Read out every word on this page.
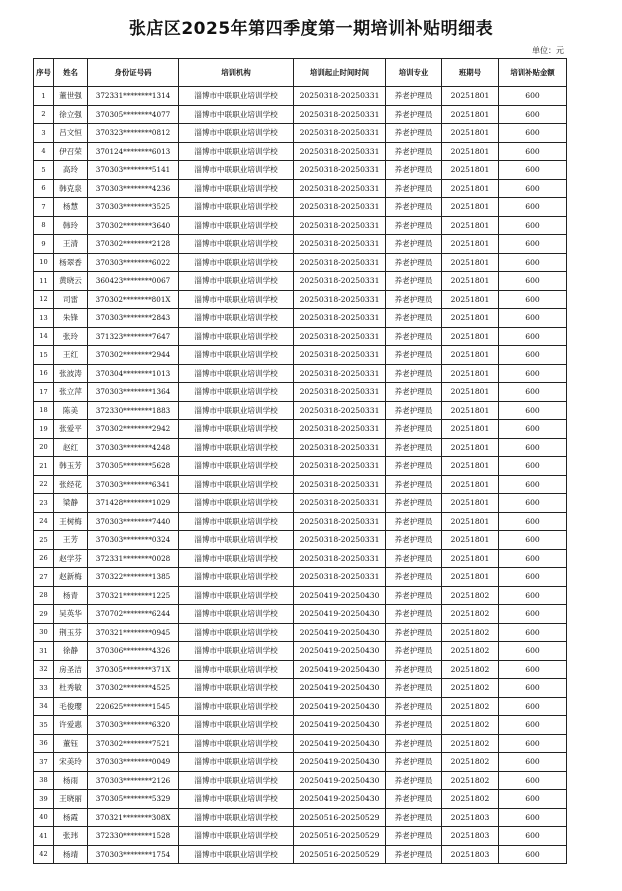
张店区2025年第四季度第一期培训补贴明细表
单位：元
序号	姓名	身份证号码	培训机构	培训起止时间时间	培训专业	班期号	培训补贴金额
1	董世强	372331********1314	淄博市中联职业培训学校	20250318-20250331	养老护理员	20251801	600
2	徐立强	370305********4077	淄博市中联职业培训学校	20250318-20250331	养老护理员	20251801	600
3	吕文恒	370323********0812	淄博市中联职业培训学校	20250318-20250331	养老护理员	20251801	600
4	伊召荣	370124********6013	淄博市中联职业培训学校	20250318-20250331	养老护理员	20251801	600
5	高玲	370303********5141	淄博市中联职业培训学校	20250318-20250331	养老护理员	20251801	600
6	韩克泉	370303********4236	淄博市中联职业培训学校	20250318-20250331	养老护理员	20251801	600
7	杨慧	370303********3525	淄博市中联职业培训学校	20250318-20250331	养老护理员	20251801	600
8	韩玲	370302********3640	淄博市中联职业培训学校	20250318-20250331	养老护理员	20251801	600
9	王清	370302********2128	淄博市中联职业培训学校	20250318-20250331	养老护理员	20251801	600
10	杨翠香	370303********6022	淄博市中联职业培训学校	20250318-20250331	养老护理员	20251801	600
11	黄晓云	360423********0067	淄博市中联职业培训学校	20250318-20250331	养老护理员	20251801	600
12	司雷	370302********801X	淄博市中联职业培训学校	20250318-20250331	养老护理员	20251801	600
13	朱锋	370303********2843	淄博市中联职业培训学校	20250318-20250331	养老护理员	20251801	600
14	张玲	371323********7647	淄博市中联职业培训学校	20250318-20250331	养老护理员	20251801	600
15	王红	370302********2944	淄博市中联职业培训学校	20250318-20250331	养老护理员	20251801	600
16	张波涛	370304********1013	淄博市中联职业培训学校	20250318-20250331	养老护理员	20251801	600
17	张立萍	370303********1364	淄博市中联职业培训学校	20250318-20250331	养老护理员	20251801	600
18	陈美	372330********1883	淄博市中联职业培训学校	20250318-20250331	养老护理员	20251801	600
19	张爱平	370302********2942	淄博市中联职业培训学校	20250318-20250331	养老护理员	20251801	600
20	赵红	370303********4248	淄博市中联职业培训学校	20250318-20250331	养老护理员	20251801	600
21	韩玉芳	370305********5628	淄博市中联职业培训学校	20250318-20250331	养老护理员	20251801	600
22	张经花	370303********6341	淄博市中联职业培训学校	20250318-20250331	养老护理员	20251801	600
23	梁静	371428********1029	淄博市中联职业培训学校	20250318-20250331	养老护理员	20251801	600
24	王树梅	370303********7440	淄博市中联职业培训学校	20250318-20250331	养老护理员	20251801	600
25	王芳	370303********0324	淄博市中联职业培训学校	20250318-20250331	养老护理员	20251801	600
26	赵学芬	372331********0028	淄博市中联职业培训学校	20250318-20250331	养老护理员	20251801	600
27	赵新梅	370322********1385	淄博市中联职业培训学校	20250318-20250331	养老护理员	20251801	600
28	杨青	370321********1225	淄博市中联职业培训学校	20250419-20250430	养老护理员	20251802	600
29	吴英华	370702********6244	淄博市中联职业培训学校	20250419-20250430	养老护理员	20251802	600
30	荆玉芬	370321********0945	淄博市中联职业培训学校	20250419-20250430	养老护理员	20251802	600
31	徐静	370306********4326	淄博市中联职业培训学校	20250419-20250430	养老护理员	20251802	600
32	房圣洁	370305********371X	淄博市中联职业培训学校	20250419-20250430	养老护理员	20251802	600
33	杜秀敏	370302********4525	淄博市中联职业培训学校	20250419-20250430	养老护理员	20251802	600
34	毛俊璎	220625********1545	淄博市中联职业培训学校	20250419-20250430	养老护理员	20251802	600
35	许爱惠	370303********6320	淄博市中联职业培训学校	20250419-20250430	养老护理员	20251802	600
36	董钰	370302********7521	淄博市中联职业培训学校	20250419-20250430	养老护理员	20251802	600
37	宋美玲	370303********0049	淄博市中联职业培训学校	20250419-20250430	养老护理员	20251802	600
38	杨雨	370303********2126	淄博市中联职业培训学校	20250419-20250430	养老护理员	20251802	600
39	王晓丽	370305********5329	淄博市中联职业培训学校	20250419-20250430	养老护理员	20251802	600
40	杨霞	370321********308X	淄博市中联职业培训学校	20250516-20250529	养老护理员	20251803	600
41	张玮	372330********1528	淄博市中联职业培训学校	20250516-20250529	养老护理员	20251803	600
42	杨靖	370303********1754	淄博市中联职业培训学校	20250516-20250529	养老护理员	20251803	600
